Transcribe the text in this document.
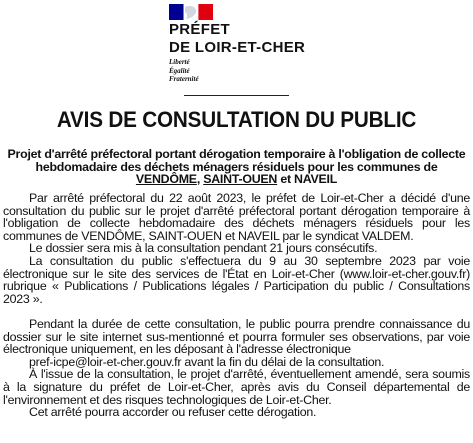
PRÉFET
DE LOIR-ET-CHER
Liberté
Égalité
Fraternité
AVIS DE CONSULTATION DU PUBLIC
Projet d'arrêté préfectoral portant dérogation temporaire à l'obligation de collecte
hebdomadaire des déchets ménagers résiduels pour les communes de
VENDÔME, SAINT-OUEN et NAVEIL

Par arrêté préfectoral du 22 août 2023, le préfet de Loir-et-Cher a décidé d'une consultation du public sur le projet d'arrêté préfectoral portant dérogation temporaire à l'obligation de collecte hebdomadaire des déchets ménagers résiduels pour les communes de VENDÔME, SAINT-OUEN et NAVEIL par le syndicat VALDEM.

Le dossier sera mis à la consultation pendant 21 jours consécutifs.

La consultation du public s'effectuera du 9 au 30 septembre 2023 par voie électronique sur le site des services de l'État en Loir-et-Cher (www.loir-et-cher.gouv.fr) rubrique « Publications / Publications légales / Participation du public / Consultations 2023 ».

Pendant la durée de cette consultation, le public pourra prendre connaissance du dossier sur le site internet sus-mentionné et pourra formuler ses observations, par voie électronique uniquement, en les déposant à l'adresse électronique

pref-icpe@loir-et-cher.gouv.fr avant la fin du délai de la consultation.

À l'issue de la consultation, le projet d'arrêté, éventuellement amendé, sera soumis à la signature du préfet de Loir-et-Cher, après avis du Conseil départemental de l'environnement et des risques technologiques de Loir-et-Cher.

Cet arrêté pourra accorder ou refuser cette dérogation.
